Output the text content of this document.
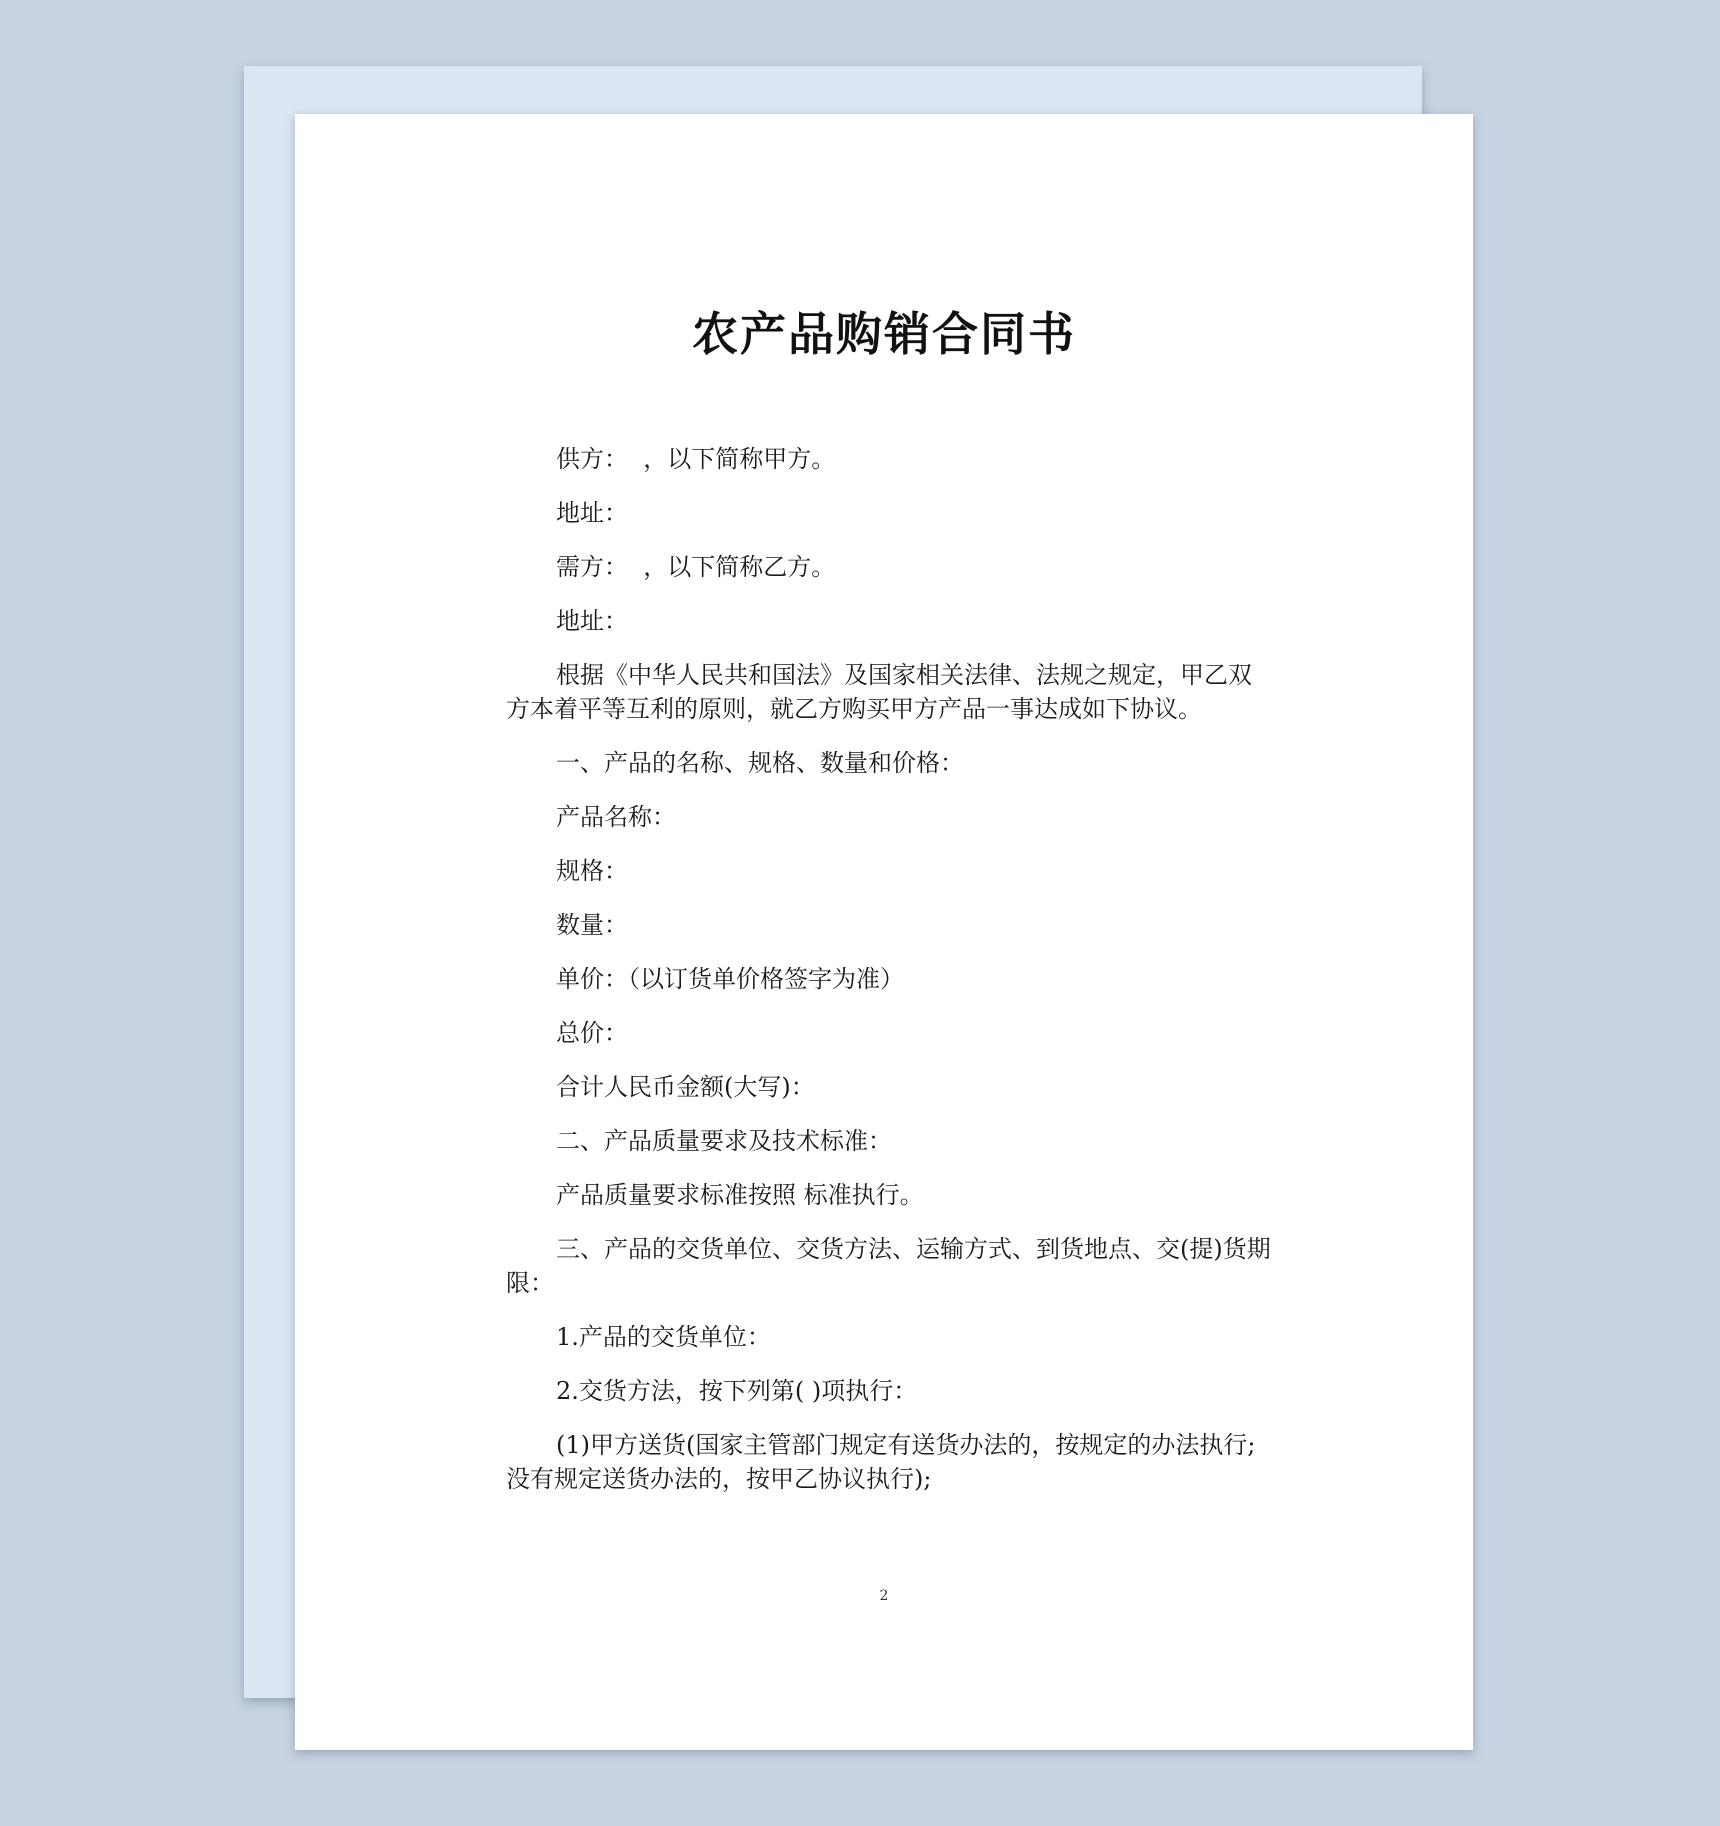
农产品购销合同书

供方：  ，以下简称甲方。

地址：

需方：  ，以下简称乙方。

地址：

根据《中华人民共和国法》及国家相关法律、法规之规定，甲乙双方本着平等互利的原则，就乙方购买甲方产品一事达成如下协议。

一、产品的名称、规格、数量和价格：

产品名称：

规格：

数量：

单价：（以订货单价格签字为准）

总价：

合计人民币金额(大写)：

二、产品质量要求及技术标准：

产品质量要求标准按照 标准执行。

三、产品的交货单位、交货方法、运输方式、到货地点、交(提)货期限：

1.产品的交货单位：

2.交货方法，按下列第( )项执行：

(1)甲方送货(国家主管部门规定有送货办法的，按规定的办法执行;没有规定送货办法的，按甲乙协议执行);

2
